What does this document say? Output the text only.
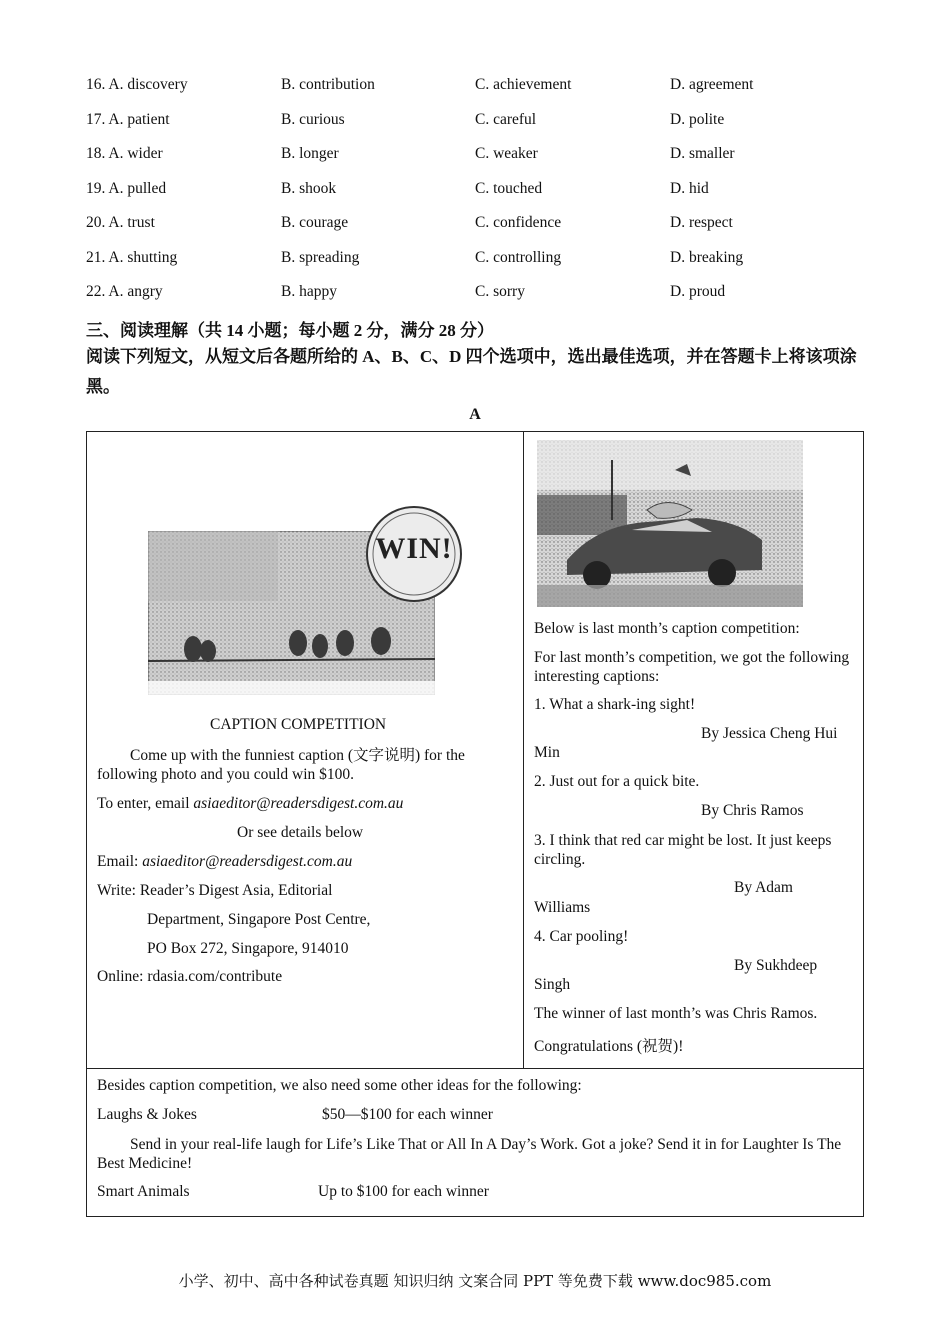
16. A. discovery	B. contribution	C. achievement	D. agreement
17. A. patient	B. curious	C. careful	D. polite
18. A. wider	B. longer	C. weaker	D. smaller
19. A. pulled	B. shook	C. touched	D. hid
20. A. trust	B. courage	C. confidence	D. respect
21. A. shutting	B. spreading	C. controlling	D. breaking
22. A. angry	B. happy	C. sorry	D. proud
三、阅读理解（共 14 小题；每小题 2 分，满分 28 分）
阅读下列短文，从短文后各题所给的 A、B、C、D 四个选项中，选出最佳选项，并在答题卡上将该项涂黑。
A
WIN!
CAPTION COMPETITION
Come up with the funniest caption (文字说明) for the following photo and you could win $100.
To enter, email asiaeditor@readersdigest.com.au
Or see details below
Email: asiaeditor@readersdigest.com.au
Write: Reader’s Digest Asia, Editorial
Department, Singapore Post Centre,
PO Box 272, Singapore, 914010
Online: rdasia.com/contribute
Below is last month’s caption competition:
For last month’s competition, we got the following interesting captions:
1. What a shark-ing sight!
By Jessica Cheng Hui
Min
2. Just out for a quick bite.
By Chris Ramos
3. I think that red car might be lost. It just keeps circling.
By Adam
Williams
4. Car pooling!
By Sukhdeep
Singh
The winner of last month’s was Chris Ramos.
Congratulations (祝贺)!
Besides caption competition, we also need some other ideas for the following:
Laughs & Jokes	$50—$100 for each winner
Send in your real-life laugh for Life’s Like That or All In A Day’s Work. Got a joke? Send it in for Laughter Is The Best Medicine!
Smart Animals	Up to $100 for each winner
小学、初中、高中各种试卷真题 知识归纳 文案合同 PPT 等免费下载 www.doc985.com
